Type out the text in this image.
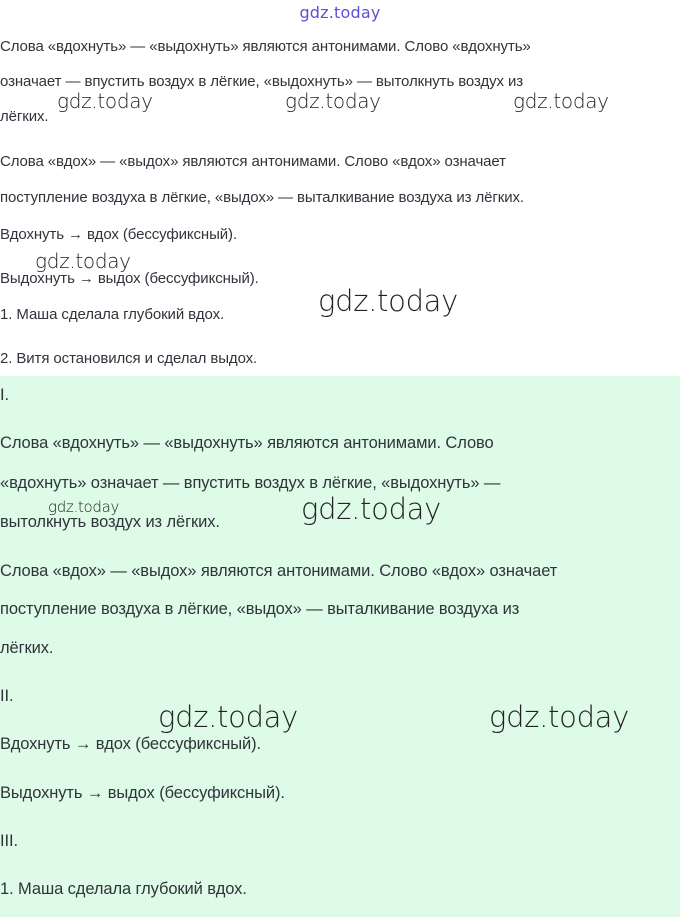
gdz.today
Слова «вдохнуть» — «выдохнуть» являются антонимами. Слово «вдохнуть»
означает — впустить воздух в лёгкие, «выдохнуть» — вытолкнуть воздух из
лёгких.
Слова «вдох» — «выдох» являются антонимами. Слово «вдох» означает
поступление воздуха в лёгкие, «выдох» — выталкивание воздуха из лёгких.
Вдохнуть → вдох (бессуфиксный).
Выдохнуть → выдох (бессуфиксный).
1. Маша сделала глубокий вдох.
2. Витя остановился и сделал выдох.
gdz.today	gdz.today	gdz.today
gdz.today
gdz.today
I.
Слова «вдохнуть» — «выдохнуть» являются антонимами. Слово
«вдохнуть» означает — впустить воздух в лёгкие, «выдохнуть» —
вытолкнуть воздух из лёгких.
Слова «вдох» — «выдох» являются антонимами. Слово «вдох» означает
поступление воздуха в лёгкие, «выдох» — выталкивание воздуха из
лёгких.
II.
Вдохнуть → вдох (бессуфиксный).
Выдохнуть → выдох (бессуфиксный).
III.
1. Маша сделала глубокий вдох.
gdz.today	gdz.today
gdz.today	gdz.today
